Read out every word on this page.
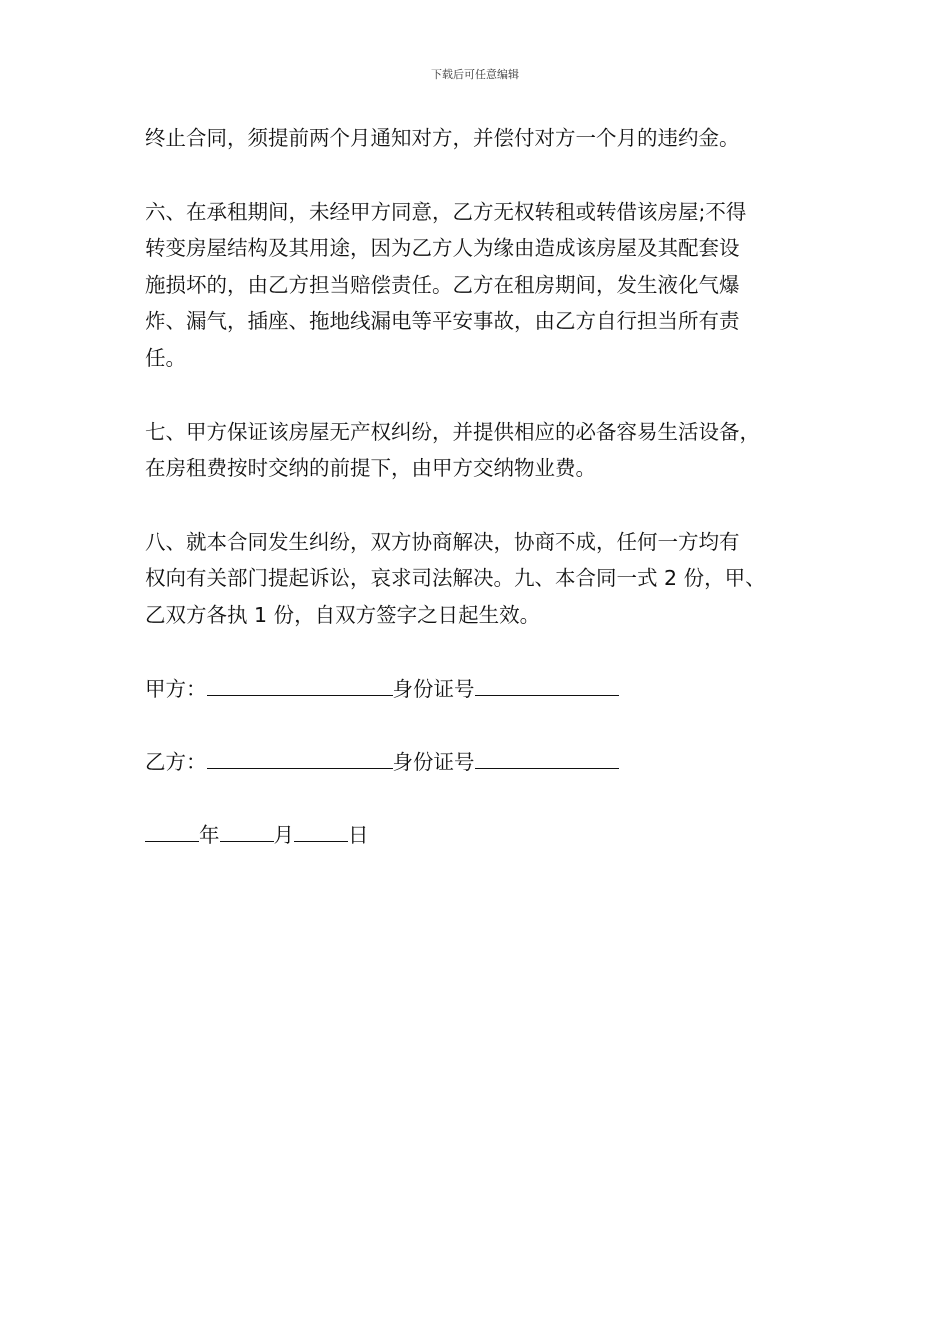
下载后可任意编辑
终止合同，须提前两个月通知对方，并偿付对方一个月的违约金。
六、在承租期间，未经甲方同意，乙方无权转租或转借该房屋;不得
转变房屋结构及其用途，因为乙方人为缘由造成该房屋及其配套设
施损坏的，由乙方担当赔偿责任。乙方在租房期间，发生液化气爆
炸、漏气，插座、拖地线漏电等平安事故，由乙方自行担当所有责
任。
七、甲方保证该房屋无产权纠纷，并提供相应的必备容易生活设备，
在房租费按时交纳的前提下，由甲方交纳物业费。
八、就本合同发生纠纷，双方协商解决，协商不成，任何一方均有
权向有关部门提起诉讼，哀求司法解决。九、本合同一式 2 份，甲、
乙双方各执 1 份，自双方签字之日起生效。
甲方：	身份证号
乙方：	身份证号
年	月	日
